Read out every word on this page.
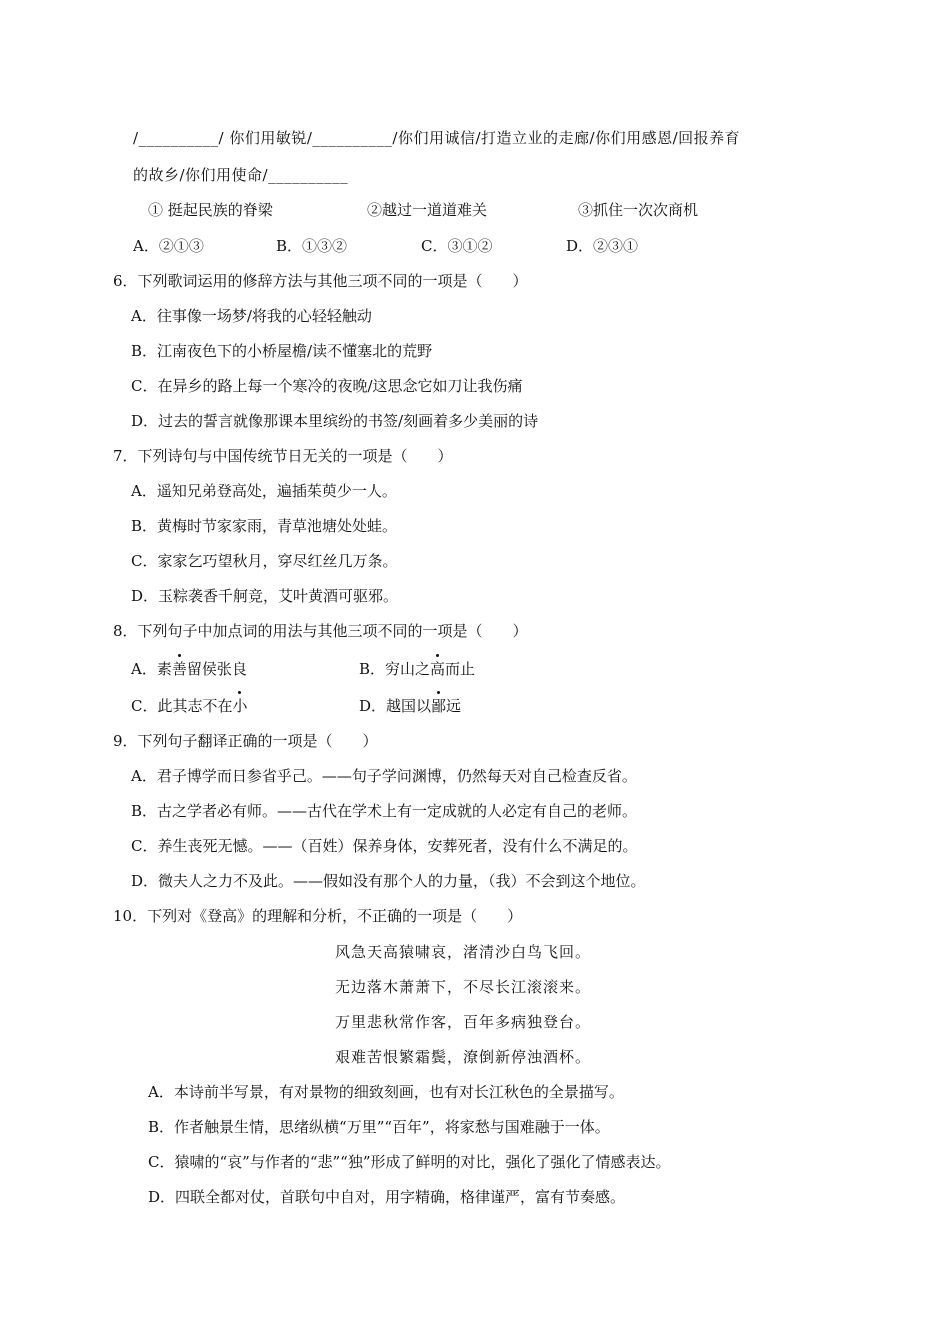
/__________/ 你们用敏锐/__________/你们用诚信/打造立业的走廊/你们用感恩/回报养育
的故乡/你们用使命/__________
① 挺起民族的脊梁	②越过一道道难关	③抓住一次次商机
A．②①③	B．①③②	C．③①②	D．②③①
6．下列歌词运用的修辞方法与其他三项不同的一项是（　　）
A．往事像一场梦/将我的心轻轻触动
B．江南夜色下的小桥屋檐/读不懂塞北的荒野
C．在异乡的路上每一个寒冷的夜晚/这思念它如刀让我伤痛
D．过去的誓言就像那课本里缤纷的书签/刻画着多少美丽的诗
7．下列诗句与中国传统节日无关的一项是（　　）
A．遥知兄弟登高处，遍插茱萸少一人。
B．黄梅时节家家雨，青草池塘处处蛙。
C．家家乞巧望秋月，穿尽红丝几万条。
D．玉粽袭香千舸竞，艾叶黄酒可驱邪。
8．下列句子中加点词的用法与其他三项不同的一项是（　　）
A．素善留侯张良	B．穷山之高而止
C．此其志不在小	D．越国以鄙远
9．下列句子翻译正确的一项是（　　）
A．君子博学而日参省乎己。——句子学问渊博，仍然每天对自己检查反省。
B．古之学者必有师。——古代在学术上有一定成就的人必定有自己的老师。
C．养生丧死无憾。——（百姓）保养身体，安葬死者，没有什么不满足的。
D．微夫人之力不及此。——假如没有那个人的力量，（我）不会到这个地位。
10．下列对《登高》的理解和分析，不正确的一项是（　　）
风急天高猿啸哀，渚清沙白鸟飞回。
无边落木萧萧下，不尽长江滚滚来。
万里悲秋常作客，百年多病独登台。
艰难苦恨繁霜鬓，潦倒新停浊酒杯。
A．本诗前半写景，有对景物的细致刻画，也有对长江秋色的全景描写。
B．作者触景生情，思绪纵横“万里”“百年”，将家愁与国难融于一体。
C．猿啸的“哀”与作者的“悲”“独”形成了鲜明的对比，强化了强化了情感表达。
D．四联全都对仗，首联句中自对，用字精确，格律谨严，富有节奏感。
